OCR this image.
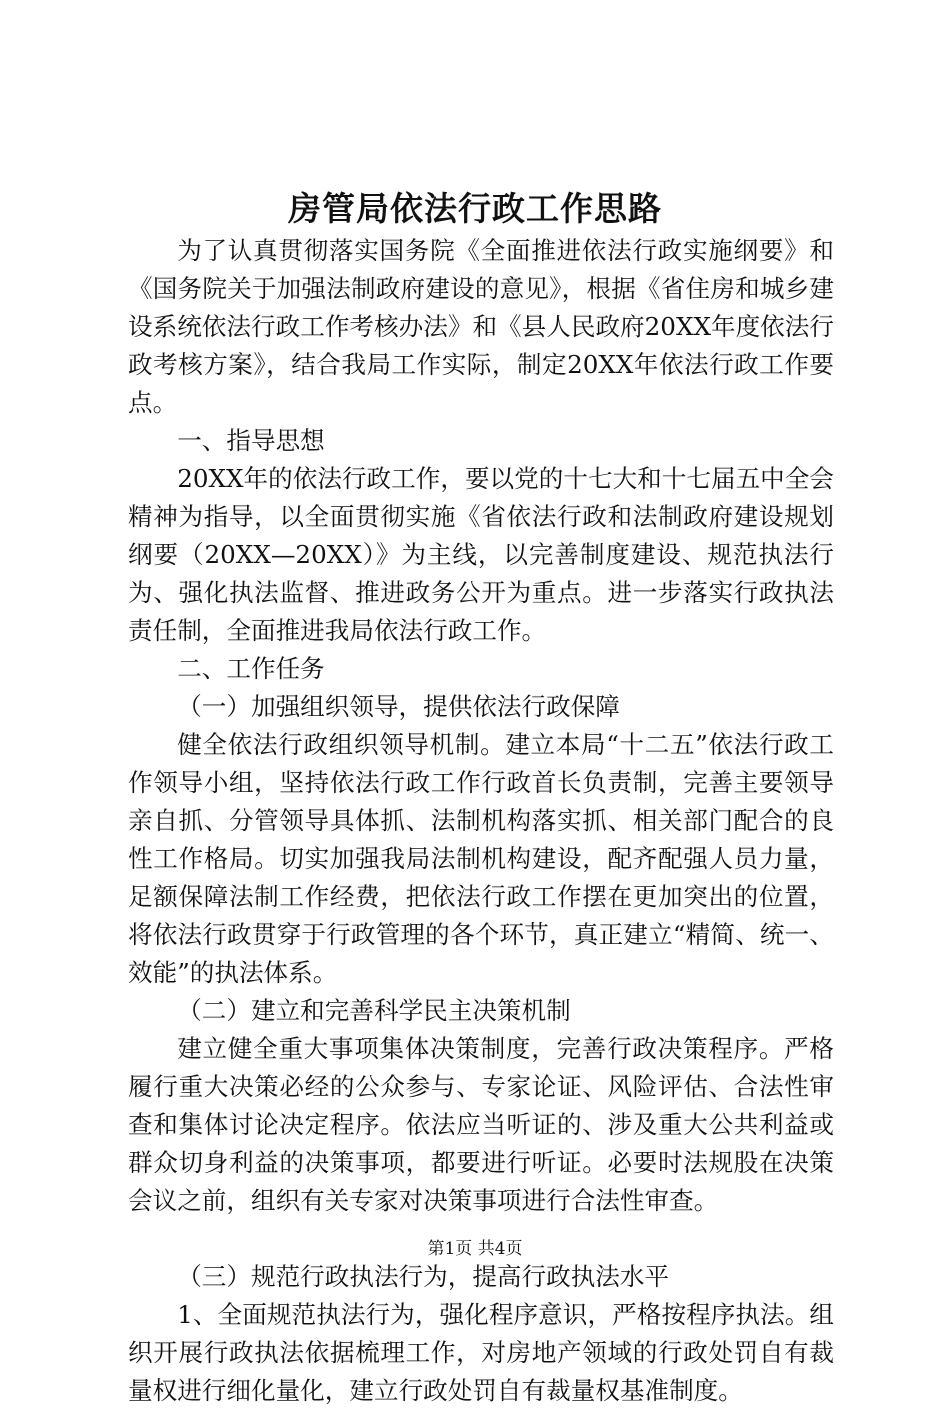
房管局依法行政工作思路

为了认真贯彻落实国务院《全面推进依法行政实施纲要》和《国务院关于加强法制政府建设的意见》，根据《省住房和城乡建设系统依法行政工作考核办法》和《县人民政府20XX年度依法行政考核方案》，结合我局工作实际，制定20XX年依法行政工作要点。

一、指导思想

20XX年的依法行政工作，要以党的十七大和十七届五中全会精神为指导，以全面贯彻实施《省依法行政和法制政府建设规划纲要（20XX—20XX）》为主线，以完善制度建设、规范执法行为、强化执法监督、推进政务公开为重点。进一步落实行政执法责任制，全面推进我局依法行政工作。

二、工作任务

（一）加强组织领导，提供依法行政保障

健全依法行政组织领导机制。建立本局“十二五”依法行政工作领导小组，坚持依法行政工作行政首长负责制，完善主要领导亲自抓、分管领导具体抓、法制机构落实抓、相关部门配合的良性工作格局。切实加强我局法制机构建设，配齐配强人员力量，足额保障法制工作经费，把依法行政工作摆在更加突出的位置，将依法行政贯穿于行政管理的各个环节，真正建立“精简、统一、效能”的执法体系。

（二）建立和完善科学民主决策机制

建立健全重大事项集体决策制度，完善行政决策程序。严格履行重大决策必经的公众参与、专家论证、风险评估、合法性审查和集体讨论决定程序。依法应当听证的、涉及重大公共利益或群众切身利益的决策事项，都要进行听证。必要时法规股在决策会议之前，组织有关专家对决策事项进行合法性审查。

（三）规范行政执法行为，提高行政执法水平

1、全面规范执法行为，强化程序意识，严格按程序执法。组织开展行政执法依据梳理工作，对房地产领域的行政处罚自有裁量权进行细化量化，建立行政处罚自有裁量权基准制度。

第1页 共4页
